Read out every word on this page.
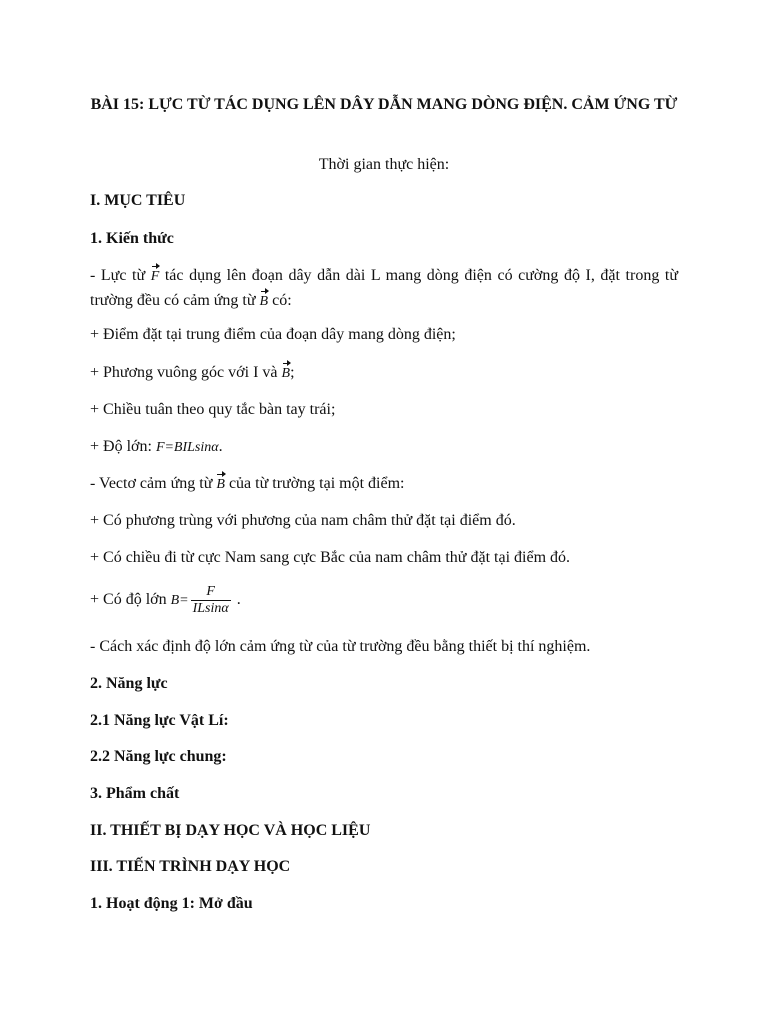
BÀI 15: LỰC TỪ TÁC DỤNG LÊN DÂY DẪN MANG DÒNG ĐIỆN. CẢM ỨNG TỪ
Thời gian thực hiện:
I. MỤC TIÊU
1. Kiến thức
- Lực từ F tác dụng lên đoạn dây dẫn dài L mang dòng điện có cường độ I, đặt trong từ trường đều có cảm ứng từ B có:
+ Điểm đặt tại trung điểm của đoạn dây mang dòng điện;
+ Phương vuông góc với I và B;
+ Chiều tuân theo quy tắc bàn tay trái;
+ Độ lớn: F=BILsinα.
- Vectơ cảm ứng từ B của từ trường tại một điểm:
+ Có phương trùng với phương của nam châm thử đặt tại điểm đó.
+ Có chiều đi từ cực Nam sang cực Bắc của nam châm thử đặt tại điểm đó.
+ Có độ lớn $B= \frac{F}{ILsin\alpha}$ .
- Cách xác định độ lớn cảm ứng từ của từ trường đều bằng thiết bị thí nghiệm.
2. Năng lực
2.1 Năng lực Vật Lí:
2.2 Năng lực chung:
3. Phẩm chất
II. THIẾT BỊ DẠY HỌC VÀ HỌC LIỆU
III. TIẾN TRÌNH DẠY HỌC
1. Hoạt động 1: Mở đầu
